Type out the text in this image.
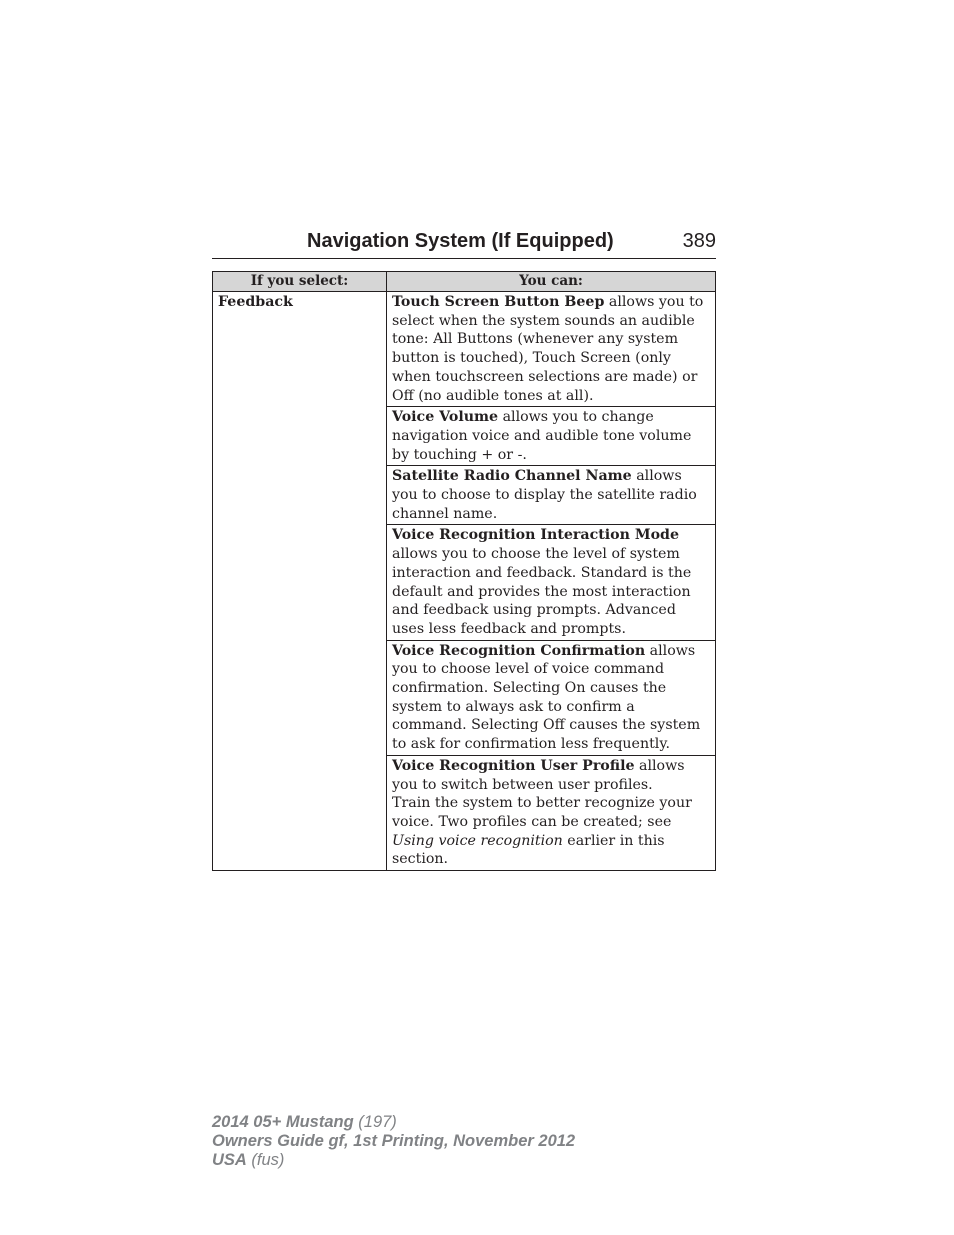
Navigation System (If Equipped)	389
If you select:	You can:
Feedback	Touch Screen Button Beep allows you to select when the system sounds an audible tone: All Buttons (whenever any system button is touched), Touch Screen (only when touchscreen selections are made) or Off (no audible tones at all).
	Voice Volume allows you to change navigation voice and audible tone volume by touching + or -.
	Satellite Radio Channel Name allows you to choose to display the satellite radio channel name.
	Voice Recognition Interaction Mode allows you to choose the level of system interaction and feedback. Standard is the default and provides the most interaction and feedback using prompts. Advanced uses less feedback and prompts.
	Voice Recognition Confirmation allows you to choose level of voice command confirmation. Selecting On causes the system to always ask to confirm a command. Selecting Off causes the system to ask for confirmation less frequently.
	Voice Recognition User Profile allows you to switch between user profiles.
Train the system to better recognize your voice. Two profiles can be created; see Using voice recognition earlier in this section.
2014 05+ Mustang (197)
Owners Guide gf, 1st Printing, November 2012
USA (fus)
